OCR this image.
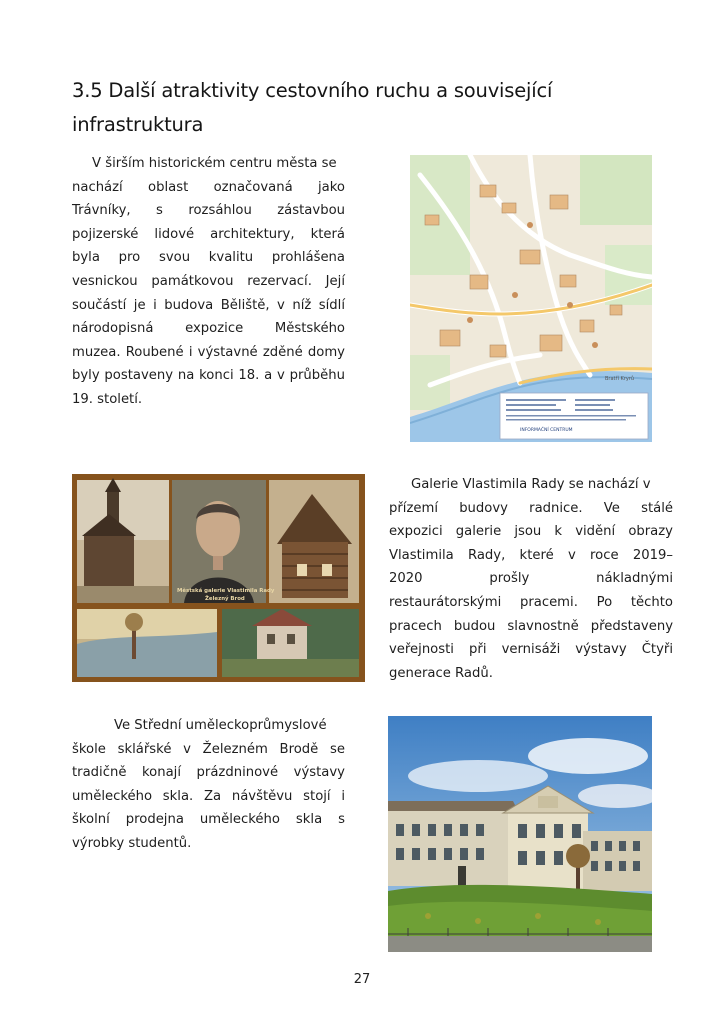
3.5 Další atraktivity cestovního ruchu a související
infrastruktura
V širším historickém centru města se
nachází oblast označovaná jako
Trávníky, s rozsáhlou zástavbou
pojizerské lidové architektury, která
byla pro svou kvalitu prohlášena
vesnickou památkovou rezervací. Její
součástí je i budova Běliště, v níž sídlí
národopisná expozice Městského
muzea. Roubené i výstavné zděné domy
byly postaveny na konci 18. a v průběhu
19. století.
Bratří Kryrů
INFORMAČNÍ CENTRUM
Městská galerie Vlastimila Rady
Železný Brod
Galerie Vlastimila Rady se nachází v
přízemí budovy radnice. Ve stálé
expozici galerie jsou k vidění obrazy
Vlastimila Rady, které v roce 2019–
2020 prošly nákladnými
restaurátorskými pracemi. Po těchto
pracech budou slavnostně představeny
veřejnosti při vernisáži výstavy Čtyři
generace Radů.
Ve Střední uměleckoprůmyslové
škole sklářské v Železném Brodě se
tradičně konají prázdninové výstavy
uměleckého skla. Za návštěvu stojí i
školní prodejna uměleckého skla s
výrobky studentů.
27
